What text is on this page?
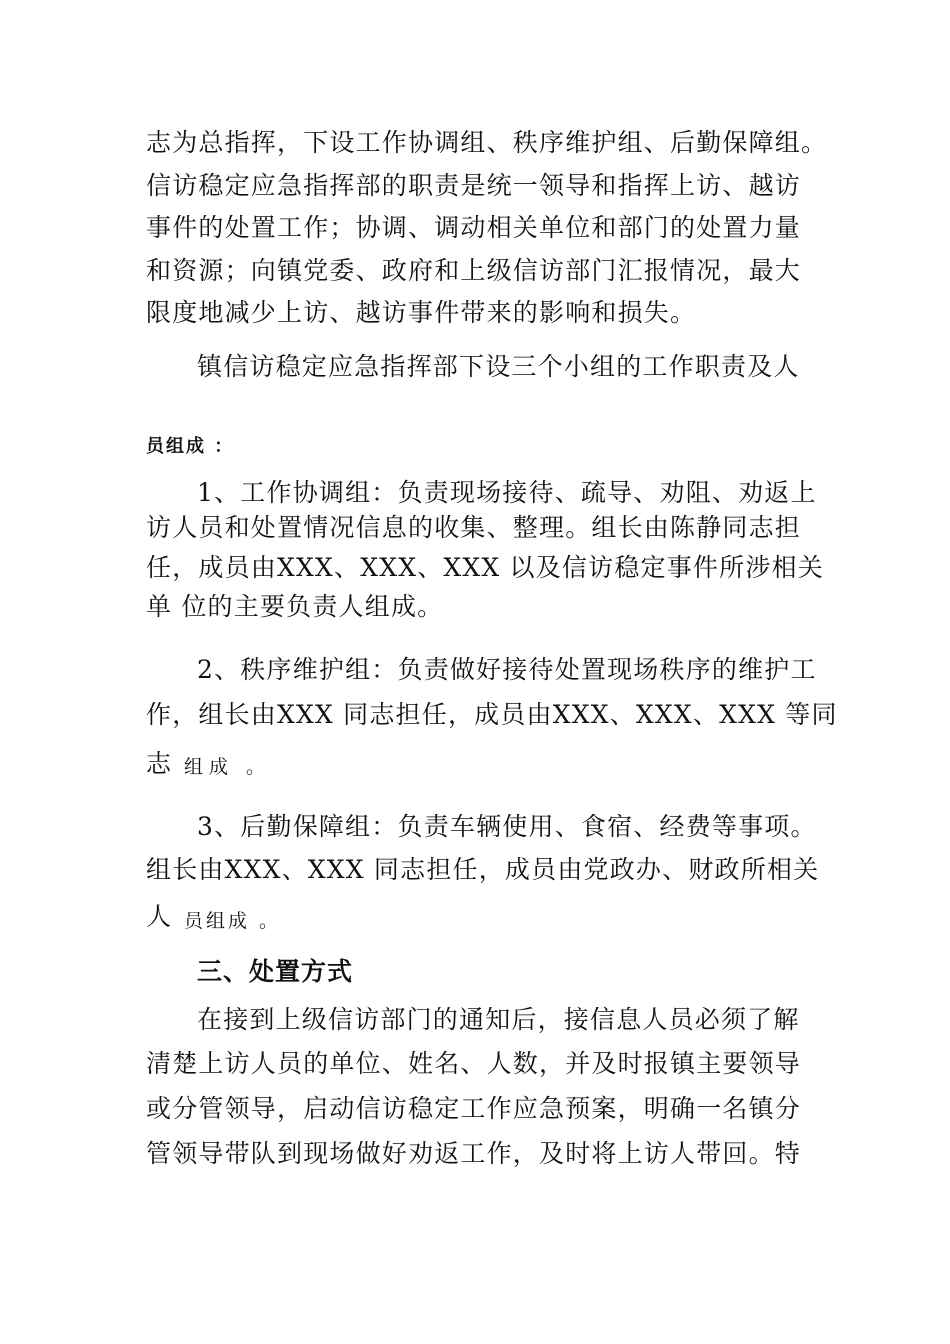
志为总指挥，下设工作协调组、秩序维护组、后勤保障组。
信访稳定应急指挥部的职责是统一领导和指挥上访、越访
事件的处置工作；协调、调动相关单位和部门的处置力量
和资源；向镇党委、政府和上级信访部门汇报情况，最大
限度地减少上访、越访事件带来的影响和损失。
镇信访稳定应急指挥部下设三个小组的工作职责及人
员组成 ：
1、工作协调组：负责现场接待、疏导、劝阻、劝返上
访人员和处置情况信息的收集、整理。组长由陈静同志担
任，成员由XXX、XXX、XXX 以及信访稳定事件所涉相关
单 位的主要负责人组成。
2、秩序维护组：负责做好接待处置现场秩序的维护工
作，组长由XXX 同志担任，成员由XXX、XXX、XXX 等同
志 组成 。
3、后勤保障组：负责车辆使用、食宿、经费等事项。
组长由XXX、XXX 同志担任，成员由党政办、财政所相关
人 员组成 。
三、处置方式
在接到上级信访部门的通知后，接信息人员必须了解
清楚上访人员的单位、姓名、人数，并及时报镇主要领导
或分管领导，启动信访稳定工作应急预案，明确一名镇分
管领导带队到现场做好劝返工作，及时将上访人带回。特
